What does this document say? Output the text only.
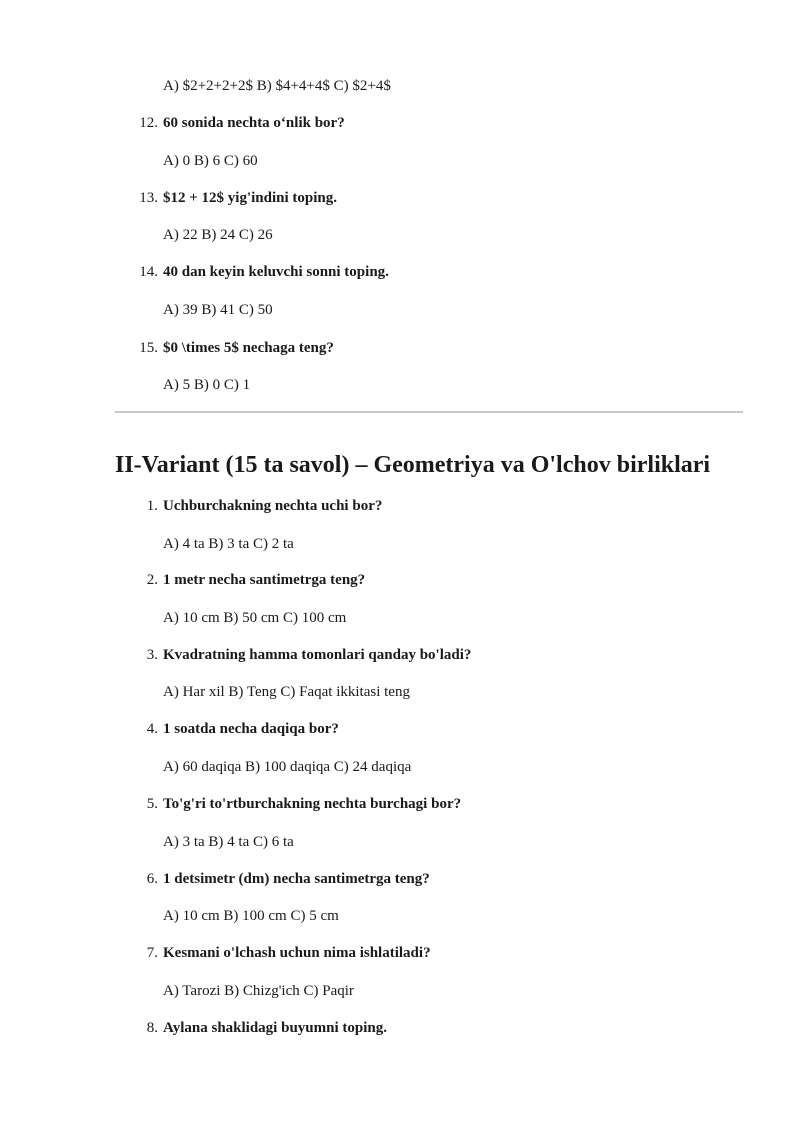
A) $2+2+2+2$ B) $4+4+4$ C) $2+4$
12. 60 sonida nechta o‘nlik bor?
A) 0 B) 6 C) 60
13. $12 + 12$ yig'indini toping.
A) 22 B) 24 C) 26
14. 40 dan keyin keluvchi sonni toping.
A) 39 B) 41 C) 50
15. $0 \times 5$ nechaga teng?
A) 5 B) 0 C) 1
II-Variant (15 ta savol) – Geometriya va O'lchov birliklari
1. Uchburchakning nechta uchi bor?
A) 4 ta B) 3 ta C) 2 ta
2. 1 metr necha santimetrga teng?
A) 10 cm B) 50 cm C) 100 cm
3. Kvadratning hamma tomonlari qanday bo'ladi?
A) Har xil B) Teng C) Faqat ikkitasi teng
4. 1 soatda necha daqiqa bor?
A) 60 daqiqa B) 100 daqiqa C) 24 daqiqa
5. To'g'ri to'rtburchakning nechta burchagi bor?
A) 3 ta B) 4 ta C) 6 ta
6. 1 detsimetr (dm) necha santimetrga teng?
A) 10 cm B) 100 cm C) 5 cm
7. Kesmani o'lchash uchun nima ishlatiladi?
A) Tarozi B) Chizg'ich C) Paqir
8. Aylana shaklidagi buyumni toping.
